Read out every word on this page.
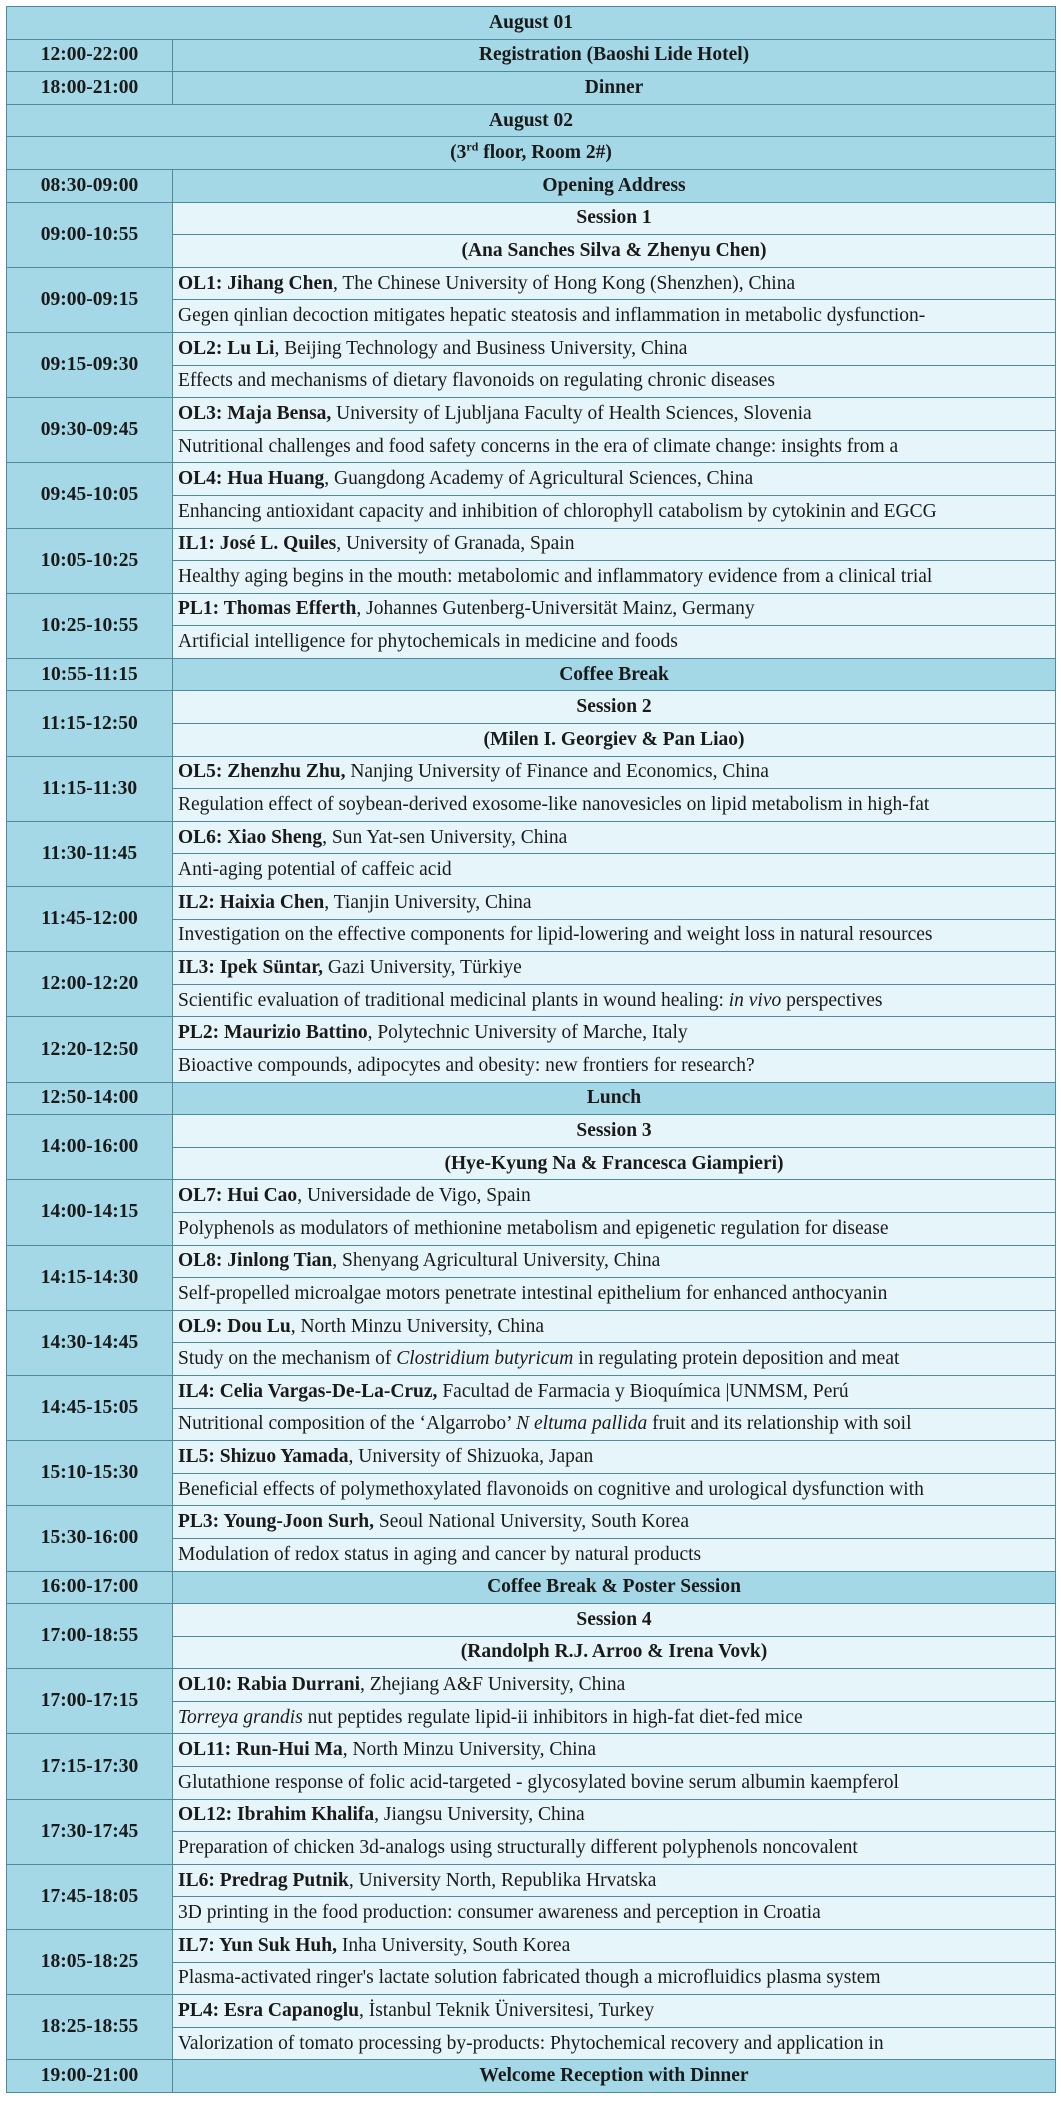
August 01	
12:00-22:00	Registration (Baoshi Lide Hotel)
18:00-21:00	Dinner
August 02	
(3rd floor, Room 2#)	
08:30-09:00	Opening Address
09:00-10:55	Session 1
	(Ana Sanches Silva & Zhenyu Chen)
09:00-09:15	OL1: Jihang Chen, The Chinese University of Hong Kong (Shenzhen), China
	Gegen qinlian decoction mitigates hepatic steatosis and inflammation in metabolic dysfunction-
09:15-09:30	OL2: Lu Li, Beijing Technology and Business University, China
	Effects and mechanisms of dietary flavonoids on regulating chronic diseases
09:30-09:45	OL3: Maja Bensa, University of Ljubljana Faculty of Health Sciences, Slovenia
	Nutritional challenges and food safety concerns in the era of climate change: insights from a
09:45-10:05	OL4: Hua Huang, Guangdong Academy of Agricultural Sciences, China
	Enhancing antioxidant capacity and inhibition of chlorophyll catabolism by cytokinin and EGCG
10:05-10:25	IL1: José L. Quiles, University of Granada, Spain
	Healthy aging begins in the mouth: metabolomic and inflammatory evidence from a clinical trial
10:25-10:55	PL1: Thomas Efferth, Johannes Gutenberg-Universität Mainz, Germany
	Artificial intelligence for phytochemicals in medicine and foods
10:55-11:15	Coffee Break
11:15-12:50	Session 2
	(Milen I. Georgiev & Pan Liao)
11:15-11:30	OL5: Zhenzhu Zhu, Nanjing University of Finance and Economics, China
	Regulation effect of soybean-derived exosome-like nanovesicles on lipid metabolism in high-fat
11:30-11:45	OL6: Xiao Sheng, Sun Yat-sen University, China
	Anti-aging potential of caffeic acid
11:45-12:00	IL2: Haixia Chen, Tianjin University, China
	Investigation on the effective components for lipid-lowering and weight loss in natural resources
12:00-12:20	IL3: Ipek Süntar, Gazi University, Türkiye
	Scientific evaluation of traditional medicinal plants in wound healing: in vivo perspectives
12:20-12:50	PL2: Maurizio Battino, Polytechnic University of Marche, Italy
	Bioactive compounds, adipocytes and obesity: new frontiers for research?
12:50-14:00	Lunch
14:00-16:00	Session 3
	(Hye-Kyung Na & Francesca Giampieri)
14:00-14:15	OL7: Hui Cao, Universidade de Vigo, Spain
	Polyphenols as modulators of methionine metabolism and epigenetic regulation for disease
14:15-14:30	OL8: Jinlong Tian, Shenyang Agricultural University, China
	Self-propelled microalgae motors penetrate intestinal epithelium for enhanced anthocyanin
14:30-14:45	OL9: Dou Lu, North Minzu University, China
	Study on the mechanism of Clostridium butyricum in regulating protein deposition and meat
14:45-15:05	IL4: Celia Vargas-De-La-Cruz, Facultad de Farmacia y Bioquímica |UNMSM, Perú
	Nutritional composition of the ‘Algarrobo’ N eltuma pallida fruit and its relationship with soil
15:10-15:30	IL5: Shizuo Yamada, University of Shizuoka, Japan
	Beneficial effects of polymethoxylated flavonoids on cognitive and urological dysfunction with
15:30-16:00	PL3: Young-Joon Surh, Seoul National University, South Korea
	Modulation of redox status in aging and cancer by natural products
16:00-17:00	Coffee Break & Poster Session
17:00-18:55	Session 4
	(Randolph R.J. Arroo & Irena Vovk)
17:00-17:15	OL10: Rabia Durrani, Zhejiang A&F University, China
	Torreya grandis nut peptides regulate lipid-ii inhibitors in high-fat diet-fed mice
17:15-17:30	OL11: Run-Hui Ma, North Minzu University, China
	Glutathione response of folic acid-targeted - glycosylated bovine serum albumin kaempferol
17:30-17:45	OL12: Ibrahim Khalifa, Jiangsu University, China
	Preparation of chicken 3d-analogs using structurally different polyphenols noncovalent
17:45-18:05	IL6: Predrag Putnik, University North, Republika Hrvatska
	3D printing in the food production: consumer awareness and perception in Croatia
18:05-18:25	IL7: Yun Suk Huh, Inha University, South Korea
	Plasma-activated ringer's lactate solution fabricated though a microfluidics plasma system
18:25-18:55	PL4: Esra Capanoglu, İstanbul Teknik Üniversitesi, Turkey
	Valorization of tomato processing by-products: Phytochemical recovery and application in
19:00-21:00	Welcome Reception with Dinner
